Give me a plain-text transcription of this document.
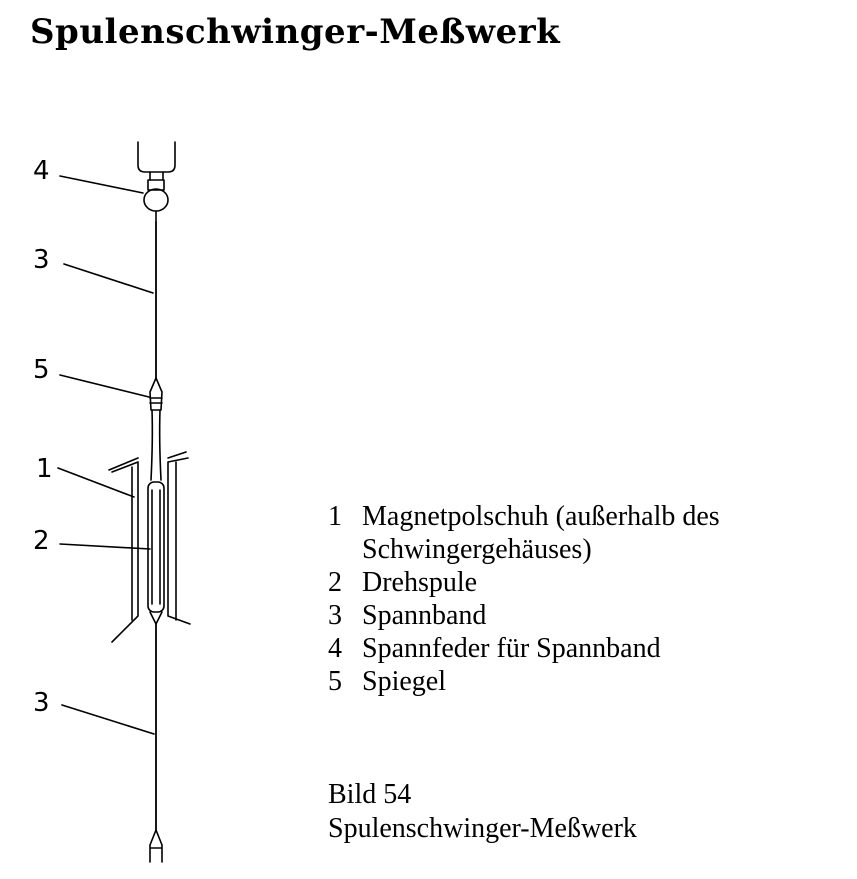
Spulenschwinger-Meßwerk
4
3
5
1
2
3
1 Magnetpolschuh (außerhalb des
Schwingergehäuses)
2 Drehspule
3 Spannband
4 Spannfeder für Spannband
5 Spiegel
Bild 54
Spulenschwinger-Meßwerk
